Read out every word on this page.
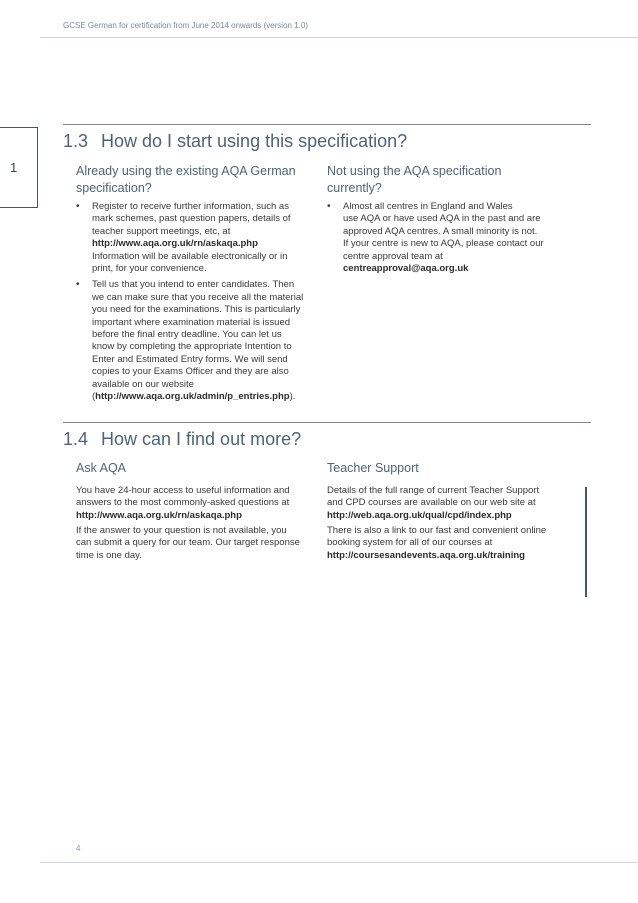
GCSE German for certification from June 2014 onwards (version 1.0)
1
1.3 How do I start using this specification?
Already using the existing AQA German
specification?
• Register to receive further information, such as
mark schemes, past question papers, details of
teacher support meetings, etc, at
http://www.aqa.org.uk/rn/askaqa.php
Information will be available electronically or in
print, for your convenience.
• Tell us that you intend to enter candidates. Then
we can make sure that you receive all the material
you need for the examinations. This is particularly
important where examination material is issued
before the final entry deadline. You can let us
know by completing the appropriate Intention to
Enter and Estimated Entry forms. We will send
copies to your Exams Officer and they are also
available on our website
(http://www.aqa.org.uk/admin/p_entries.php).
Not using the AQA specification
currently?
• Almost all centres in England and Wales
use AQA or have used AQA in the past and are
approved AQA centres. A small minority is not.
If your centre is new to AQA, please contact our
centre approval team at
centreapproval@aqa.org.uk
1.4 How can I find out more?
Ask AQA
You have 24-hour access to useful information and
answers to the most commonly-asked questions at
http://www.aqa.org.uk/rn/askaqa.php
If the answer to your question is not available, you
can submit a query for our team. Our target response
time is one day.
Teacher Support
Details of the full range of current Teacher Support
and CPD courses are available on our web site at
http://web.aqa.org.uk/qual/cpd/index.php
There is also a link to our fast and convenient online
booking system for all of our courses at
http://coursesandevents.aqa.org.uk/training
4
